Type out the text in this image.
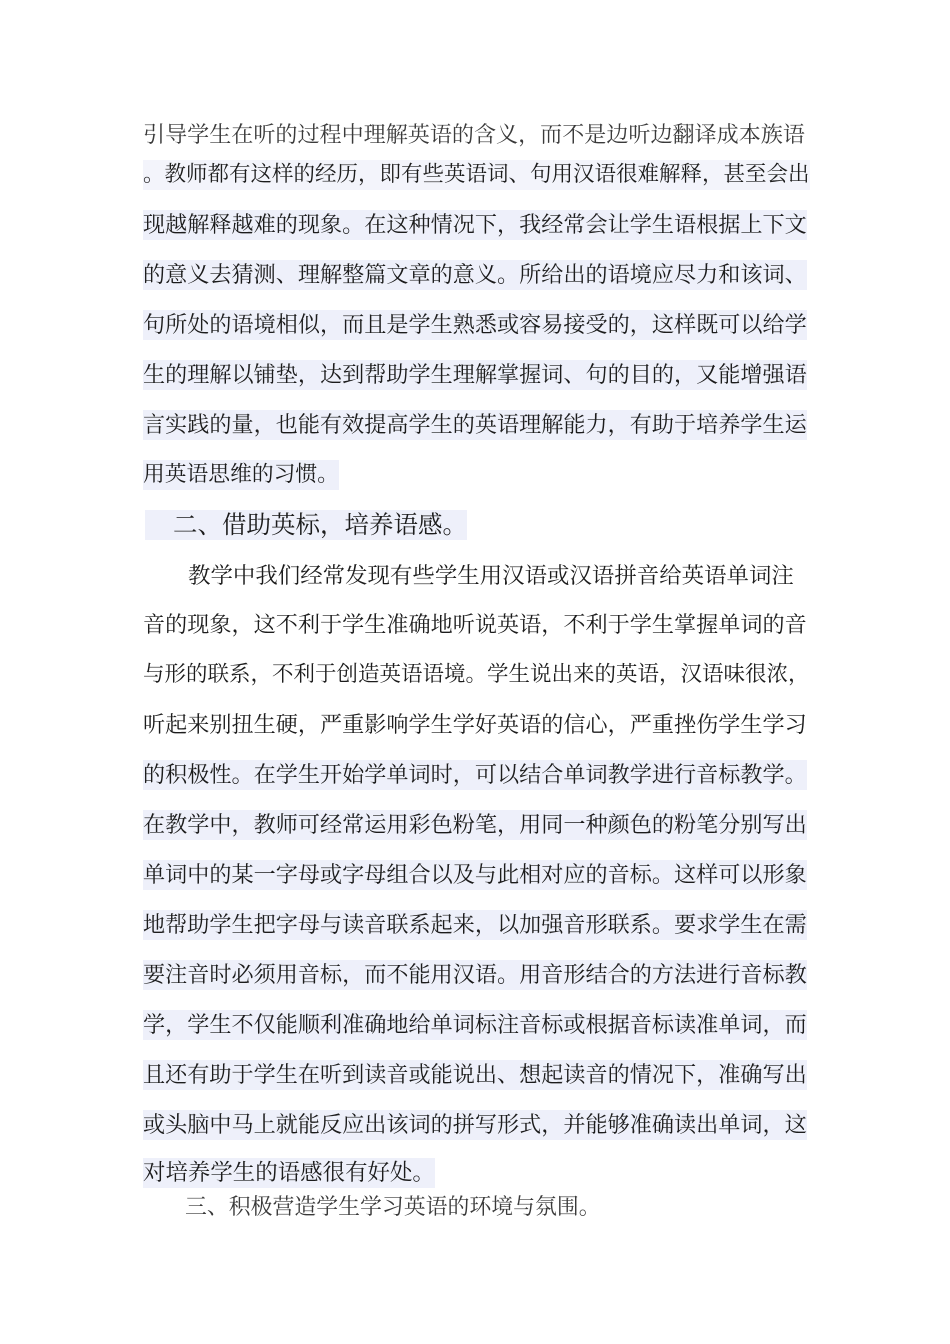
引导学生在听的过程中理解英语的含义，而不是边听边翻译成本族语
。教师都有这样的经历，即有些英语词、句用汉语很难解释，甚至会出
现越解释越难的现象。在这种情况下，我经常会让学生语根据上下文
的意义去猜测、理解整篇文章的意义。所给出的语境应尽力和该词、
句所处的语境相似，而且是学生熟悉或容易接受的，这样既可以给学
生的理解以铺垫，达到帮助学生理解掌握词、句的目的，又能增强语
言实践的量，也能有效提高学生的英语理解能力，有助于培养学生运
用英语思维的习惯。
二、借助英标，培养语感。
教学中我们经常发现有些学生用汉语或汉语拼音给英语单词注
音的现象，这不利于学生准确地听说英语，不利于学生掌握单词的音
与形的联系，不利于创造英语语境。学生说出来的英语，汉语味很浓，
听起来别扭生硬，严重影响学生学好英语的信心，严重挫伤学生学习
的积极性。在学生开始学单词时，可以结合单词教学进行音标教学。
在教学中，教师可经常运用彩色粉笔，用同一种颜色的粉笔分别写出
单词中的某一字母或字母组合以及与此相对应的音标。这样可以形象
地帮助学生把字母与读音联系起来，以加强音形联系。要求学生在需
要注音时必须用音标，而不能用汉语。用音形结合的方法进行音标教
学，学生不仅能顺利准确地给单词标注音标或根据音标读准单词，而
且还有助于学生在听到读音或能说出、想起读音的情况下，准确写出
或头脑中马上就能反应出该词的拼写形式，并能够准确读出单词，这
对培养学生的语感很有好处。
三、积极营造学生学习英语的环境与氛围。
